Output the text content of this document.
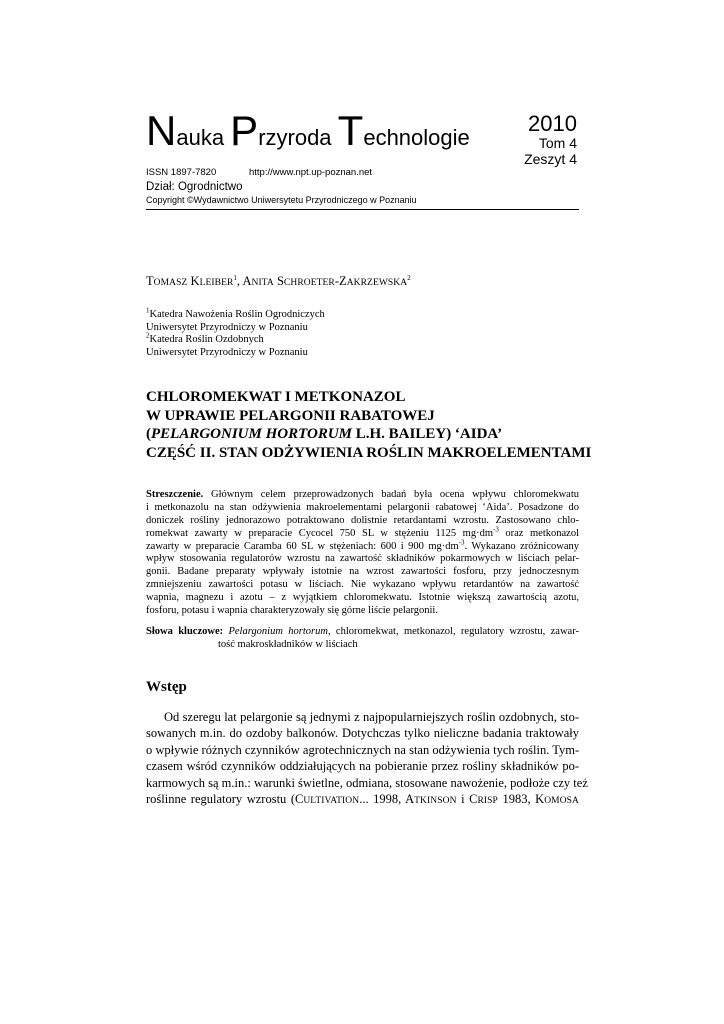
Nauka Przyroda Technologie
2010
Tom 4
Zeszyt 4
ISSN 1897-7820	http://www.npt.up-poznan.net
Dział: Ogrodnictwo
Copyright ©Wydawnictwo Uniwersytetu Przyrodniczego w Poznaniu
TOMASZ KLEIBER$^1$, ANITA SCHROETER-ZAKRZEWSKA$^2$
$^1$Katedra Nawożenia Roślin Ogrodniczych
Uniwersytet Przyrodniczy w Poznaniu
$^2$Katedra Roślin Ozdobnych
Uniwersytet Przyrodniczy w Poznaniu
CHLOROMEKWAT I METKONAZOL
W UPRAWIE PELARGONII RABATOWEJ
(PELARGONIUM HORTORUM L.H. BAILEY) ‘AIDA’
CZĘŚĆ II. STAN ODŻYWIENIA ROŚLIN MAKROELEMENTAMI
Streszczenie. Głównym celem przeprowadzonych badań była ocena wpływu chloromekwatu
i metkonazolu na stan odżywienia makroelementami pelargonii rabatowej ‘Aida’. Posadzone do
doniczek rośliny jednorazowo potraktowano dolistnie retardantami wzrostu. Zastosowano chlo-
romekwat zawarty w preparacie Cycocel 750 SL w stężeniu 1125 $mg\cdot dm^{-3}$ oraz metkonazol
zawarty w preparacie Caramba 60 SL w stężeniach: 600 i 900 $mg\cdot dm^{-3}$. Wykazano zróżnicowany
wpływ stosowania regulatorów wzrostu na zawartość składników pokarmowych w liściach pelar-
gonii. Badane preparaty wpływały istotnie na wzrost zawartości fosforu, przy jednoczesnym
zmniejszeniu zawartości potasu w liściach. Nie wykazano wpływu retardantów na zawartość
wapnia, magnezu i azotu – z wyjątkiem chloromekwatu. Istotnie większą zawartością azotu,
fosforu, potasu i wapnia charakteryzowały się górne liście pelargonii.
Słowa kluczowe: Pelargonium hortorum, chloromekwat, metkonazol, regulatory wzrostu, zawar-
tość makroskładników w liściach
Wstęp
Od szeregu lat pelargonie są jednymi z najpopularniejszych roślin ozdobnych, sto-
sowanych m.in. do ozdoby balkonów. Dotychczas tylko nieliczne badania traktowały
o wpływie różnych czynników agrotechnicznych na stan odżywienia tych roślin. Tym-
czasem wśród czynników oddziałujących na pobieranie przez rośliny składników po-
karmowych są m.in.: warunki świetlne, odmiana, stosowane nawożenie, podłoże czy też
roślinne regulatory wzrostu (CULTIVATION... 1998, ATKINSON i CRISP 1983, KOMOSA
